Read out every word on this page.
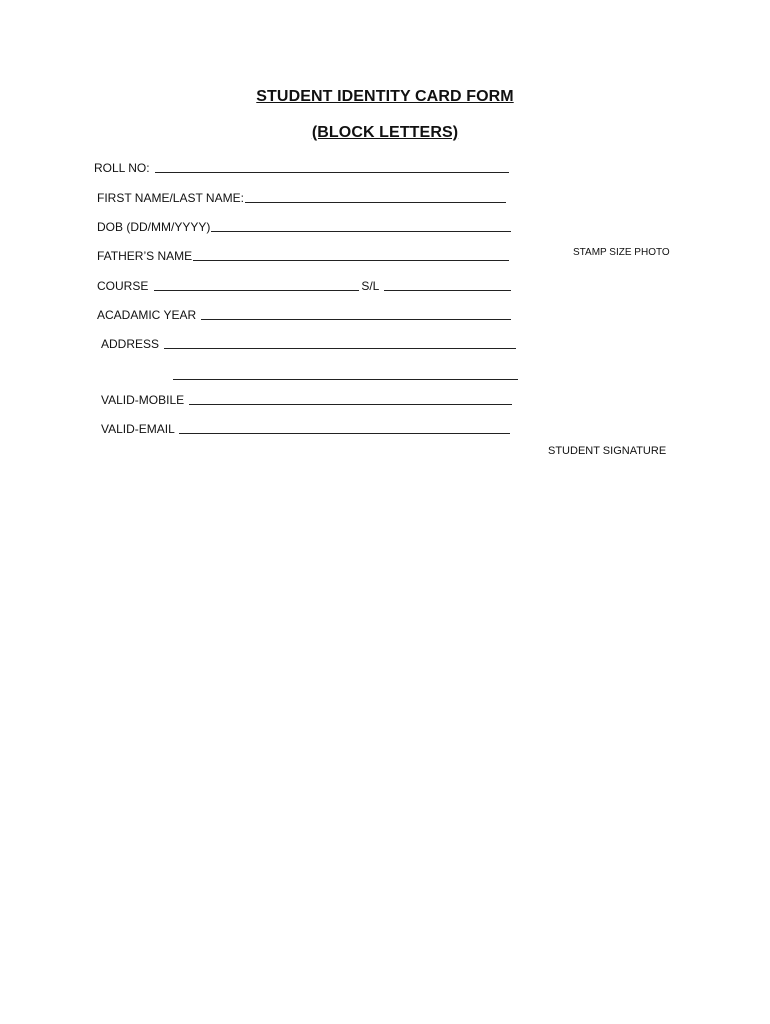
STUDENT IDENTITY CARD FORM
(BLOCK LETTERS)
ROLL NO:
FIRST NAME/LAST NAME:
DOB (DD/MM/YYYY)
FATHER’S NAME
COURSE	S/L
ACADAMIC YEAR
ADDRESS
VALID-MOBILE
VALID-EMAIL
STAMP SIZE PHOTO
STUDENT SIGNATURE
